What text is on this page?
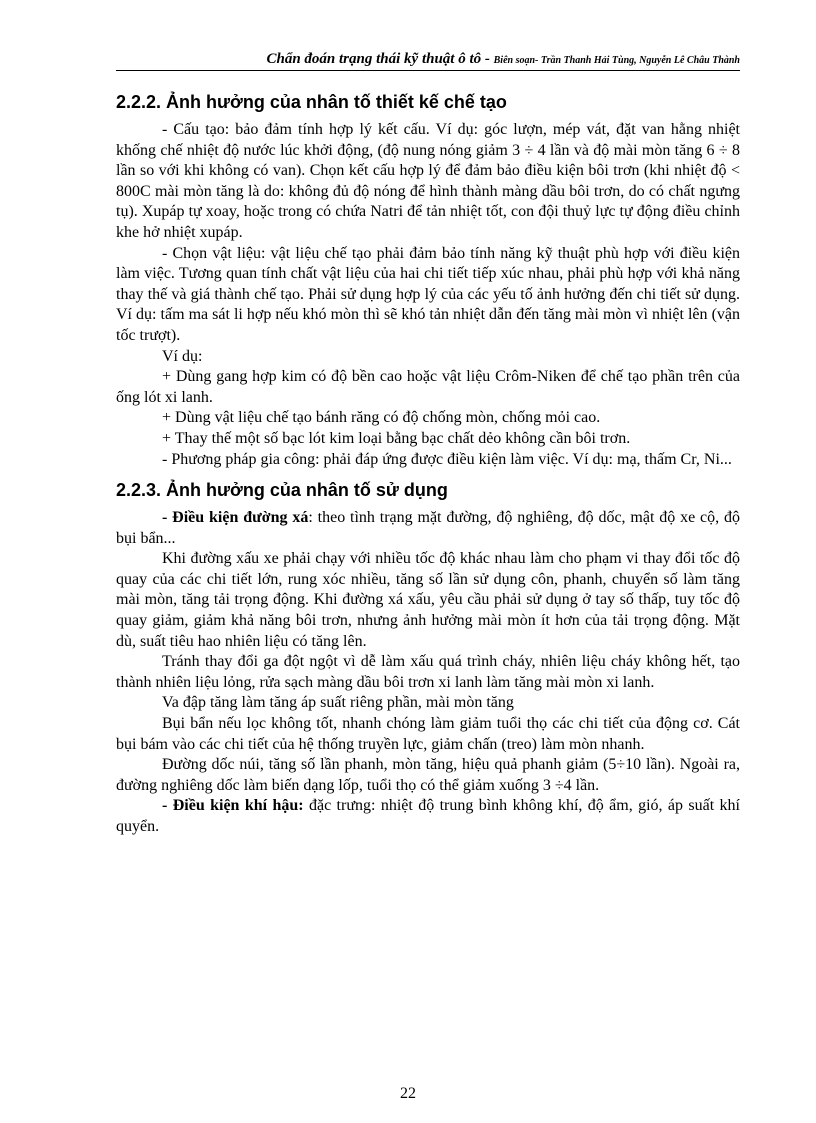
Chẩn đoán trạng thái kỹ thuật ô tô - Biên soạn- Trần Thanh Hải Tùng, Nguyễn Lê Châu Thành
2.2.2. Ảnh hưởng của nhân tố thiết kế chế tạo

- Cấu tạo: bảo đảm tính hợp lý kết cấu. Ví dụ: góc lượn, mép vát, đặt van hằng nhiệt khống chế nhiệt độ nước lúc khởi động, (độ nung nóng giảm 3 ÷ 4 lần và độ mài mòn tăng 6 ÷ 8 lần so với khi không có van). Chọn kết cấu hợp lý để đảm bảo điều kiện bôi trơn (khi nhiệt độ < 800C mài mòn tăng là do: không đủ độ nóng để hình thành màng dầu bôi trơn, do có chất ngưng tụ). Xupáp tự xoay, hoặc trong có chứa Natri để tản nhiệt tốt, con đội thuỷ lực tự động điều chỉnh khe hở nhiệt xupáp.

- Chọn vật liệu: vật liệu chế tạo phải đảm bảo tính năng kỹ thuật phù hợp với điều kiện làm việc. Tương quan tính chất vật liệu của hai chi tiết tiếp xúc nhau, phải phù hợp với khả năng thay thế và giá thành chế tạo. Phải sử dụng hợp lý của các yếu tố ảnh hưởng đến chi tiết sử dụng. Ví dụ: tấm ma sát li hợp nếu khó mòn thì sẽ khó tản nhiệt dẫn đến tăng mài mòn vì nhiệt lên (vận tốc trượt).

Ví dụ:

+ Dùng gang hợp kim có độ bền cao hoặc vật liệu Crôm-Niken để chế tạo phần trên của ống lót xi lanh.

+ Dùng vật liệu chế tạo bánh răng có độ chống mòn, chống mỏi cao.

+ Thay thế một số bạc lót kim loại bằng bạc chất dẻo không cần bôi trơn.

- Phương pháp gia công: phải đáp ứng được điều kiện làm việc. Ví dụ: mạ, thấm Cr, Ni...

2.2.3. Ảnh hưởng của nhân tố sử dụng

- Điều kiện đường xá: theo tình trạng mặt đường, độ nghiêng, độ dốc, mật độ xe cộ, độ bụi bẩn...

Khi đường xấu xe phải chạy với nhiều tốc độ khác nhau làm cho phạm vi thay đổi tốc độ quay của các chi tiết lớn, rung xóc nhiều, tăng số lần sử dụng côn, phanh, chuyển số làm tăng mài mòn, tăng tải trọng động. Khi đường xá xấu, yêu cầu phải sử dụng ở tay số thấp, tuy tốc độ quay giảm, giảm khả năng bôi trơn, nhưng ảnh hưởng mài mòn ít hơn của tải trọng động. Mặt dù, suất tiêu hao nhiên liệu có tăng lên.

Tránh thay đổi ga đột ngột vì dễ làm xấu quá trình cháy, nhiên liệu cháy không hết, tạo thành nhiên liệu lỏng, rửa sạch màng dầu bôi trơn xi lanh làm tăng mài mòn xi lanh.

Va đập tăng làm tăng áp suất riêng phần, mài mòn tăng

Bụi bẩn nếu lọc không tốt, nhanh chóng làm giảm tuổi thọ các chi tiết của động cơ. Cát bụi bám vào các chi tiết của hệ thống truyền lực, giảm chấn (treo) làm mòn nhanh.

Đường dốc núi, tăng số lần phanh, mòn tăng, hiệu quả phanh giảm (5÷10 lần). Ngoài ra, đường nghiêng dốc làm biến dạng lốp, tuổi thọ có thể giảm xuống 3 ÷4 lần.

- Điều kiện khí hậu: đặc trưng: nhiệt độ trung bình không khí, độ ẩm, gió, áp suất khí quyển.

22
